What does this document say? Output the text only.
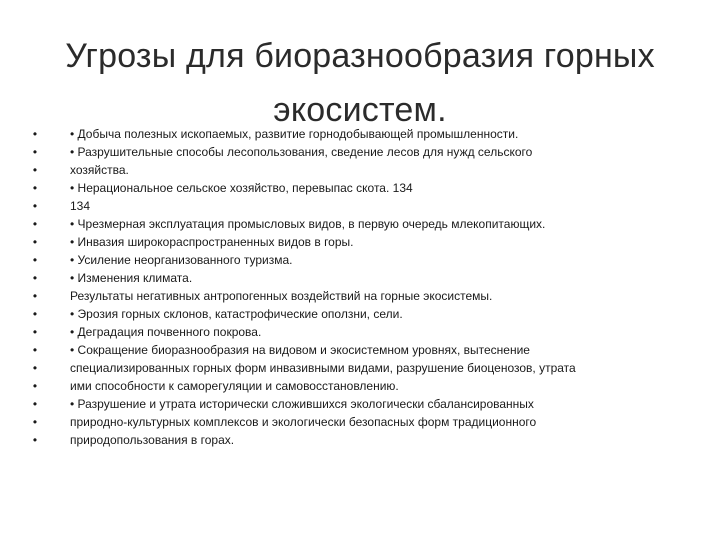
Угрозы для биоразнообразия горных
экосистем.
•	• Добыча полезных ископаемых, развитие горнодобывающей промышленности.
•	• Разрушительные способы лесопользования, сведение лесов для нужд сельского
•	хозяйства.
•	• Нерациональное сельское хозяйство, перевыпас скота. 134
•	134
•	• Чрезмерная эксплуатация промысловых видов, в первую очередь млекопитающих.
•	• Инвазия широкораспространенных видов в горы.
•	• Усиление неорганизованного туризма.
•	• Изменения климата.
•	Результаты негативных антропогенных воздействий на горные экосистемы.
•	• Эрозия горных склонов, катастрофические оползни, сели.
•	• Деградация почвенного покрова.
•	• Сокращение биоразнообразия на видовом и экосистемном уровнях, вытеснение
•	специализированных горных форм инвазивными видами, разрушение биоценозов, утрата
•	ими способности к саморегуляции и самовосстановлению.
•	• Разрушение и утрата исторически сложившихся экологически сбалансированных
•	природно-культурных комплексов и экологически безопасных форм традиционного
•	природопользования в горах.
